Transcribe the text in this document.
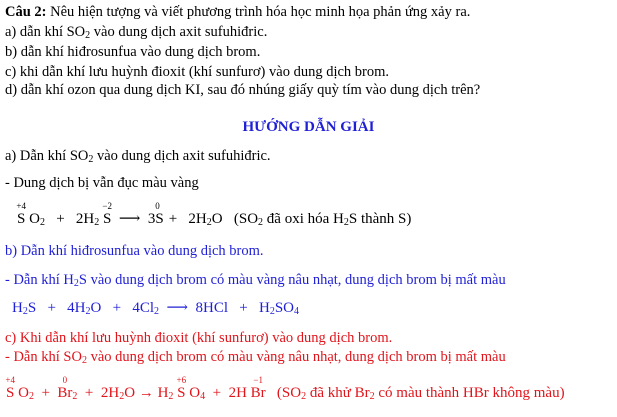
Câu 2: Nêu hiện tượng và viết phương trình hóa học minh họa phản ứng xảy ra.
a) dẫn khí $SO_2$ vào dung dịch axit sufuhiđric.
b) dẫn khí hiđrosunfua vào dung dịch brom.
c) khi dẫn khí lưu huỳnh đioxit (khí sunfurơ) vào dung dịch brom.
d) dẫn khí ozon qua dung dịch KI, sau đó nhúng giấy quỳ tím vào dung dịch trên?
HƯỚNG DẪN GIẢI
a) Dẫn khí $SO_2$ vào dung dịch axit sufuhiđric.
- Dung dịch bị vẫn đục màu vàng
+4
S $O_2 + 2H_2$
−2
S ⟶ 3S
0
+ $2H_2O$ ($SO_2$ đã oxi hóa $H_2S$ thành S)
b) Dẫn khí hiđrosunfua vào dung dịch brom.
- Dẫn khí $H_2S$ vào dung dịch brom có màu vàng nâu nhạt, dung dịch brom bị mất màu
$H_2S + 4H_2O + 4Cl_2$ ⟶ $8HCl + H_2SO_4$
c) Khi dẫn khí lưu huỳnh đioxit (khí sunfurơ) vào dung dịch brom.
- Dẫn khí $SO_2$ vào dung dịch brom có màu vàng nâu nhạt, dung dịch brom bị mất màu
+4
S $O_2$ +
0
$Br_2 + 2H_2O \to H_2$
+6
S $O_4 + 2H$
−1
Br ($SO_2$ đã khử $Br_2$ có màu thành HBr không màu)
